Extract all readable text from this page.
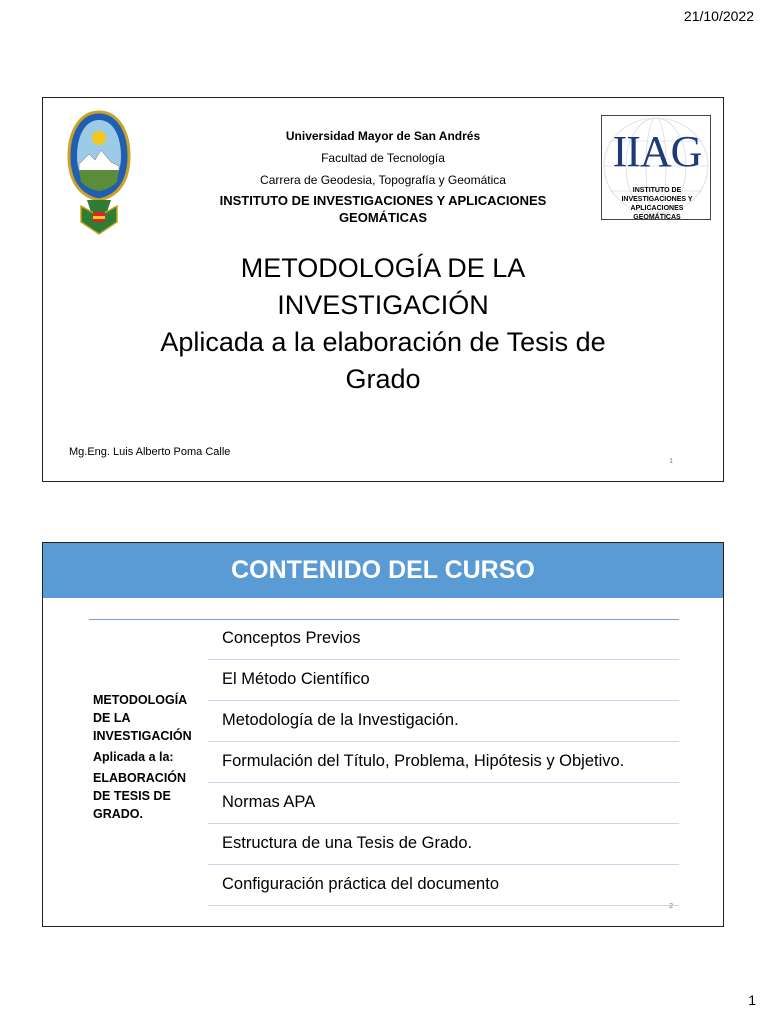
21/10/2022
IIAG
INSTITUTO DE INVESTIGACIONES Y
APLICACIONES GEOMÁTICAS
Universidad Mayor de San Andrés
Facultad de Tecnología
Carrera de Geodesia, Topografía y Geomática
INSTITUTO DE INVESTIGACIONES Y APLICACIONES GEOMÁTICAS
METODOLOGÍA DE LA
INVESTIGACIÓN
Aplicada a la elaboración de Tesis de
Grado
Mg.Eng. Luis Alberto Poma Calle
1
CONTENIDO DEL CURSO
METODOLOGÍA
DE LA
INVESTIGACIÓN
Aplicada a la:
ELABORACIÓN
DE TESIS DE
GRADO.
Conceptos Previos
El Método Científico
Metodología de la Investigación.
Formulación del Título, Problema, Hipótesis y Objetivo.
Normas APA
Estructura de una Tesis de Grado.
Configuración práctica del documento
2
1
